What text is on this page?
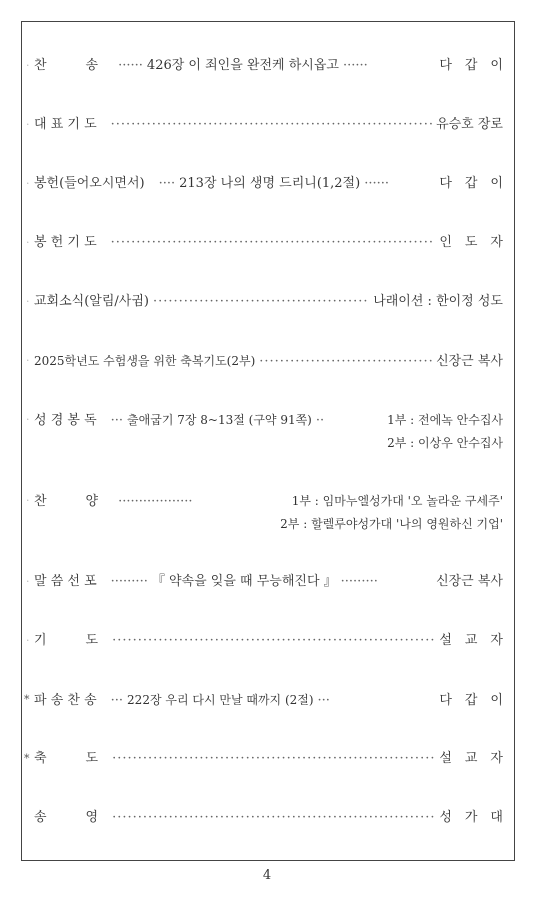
· 찬　　　송 ······ 426장 이 죄인을 완전케 하시옵고 ······	다　갑　이
· 대 표 기 도 ·····	유승호 장로
· 봉헌(들어오시면서) ···· 213장 나의 생명 드리니(1,2절) ······	다　갑　이
· 봉 헌 기 도 ·····	인　도　자
· 교회소식(알림/사귐) ·····	나래이션 : 한이정 성도
· 2025학년도 수험생을 위한 축복기도(2부) ·····	신장근 복사
· 성 경 봉 독 ··· 출애굽기 7장 8~13절 (구약 91쪽) ··	1부 : 전에녹 안수집사
2부 : 이상우 안수집사
· 찬　　　양 ··················	1부 : 임마누엘성가대 '오 놀라운 구세주'
2부 : 할렐루야성가대 '나의 영원하신 기업'
· 말 씀 선 포 ········· 『 약속을 잊을 때 무능해진다 』 ·········	신장근 복사
· 기　　　도 ·····	설　교　자
* 파 송 찬 송 ··· 222장 우리 다시 만날 때까지 (2절) ···	다　갑　이
* 축　　　도 ·····	설　교　자
송　　　영 ·····	성　가　대
4
